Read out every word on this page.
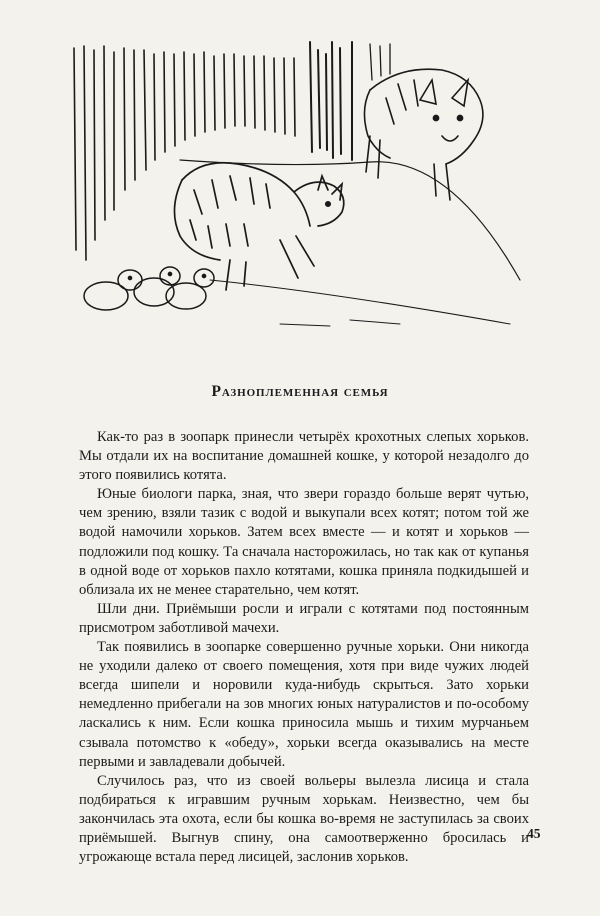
Разноплеменная семья

Как-то раз в зоопарк принесли четырёх крохотных слепых хорьков. Мы отдали их на воспитание домашней кошке, у которой незадолго до этого появились котята.

Юные биологи парка, зная, что звери гораздо больше верят чутью, чем зрению, взяли тазик с водой и выкупали всех котят; потом той же водой намочили хорьков. Затем всех вместе — и котят и хорьков — подложили под кошку. Та сначала насторожилась, но так как от купанья в одной воде от хорьков пахло котятами, кошка приняла подкидышей и облизала их не менее старательно, чем котят.

Шли дни. Приёмыши росли и играли с котятами под постоянным присмотром заботливой мачехи.

Так появились в зоопарке совершенно ручные хорьки. Они никогда не уходили далеко от своего помещения, хотя при виде чужих людей всегда шипели и норовили куда-нибудь скрыться. Зато хорьки немедленно прибегали на зов многих юных натуралистов и по-особому ласкались к ним. Если кошка приносила мышь и тихим мурчаньем сзывала потомство к «обеду», хорьки всегда оказывались на месте первыми и завладевали добычей.

Случилось раз, что из своей вольеры вылезла лисица и стала подбираться к игравшим ручным хорькам. Неизвестно, чем бы закончилась эта охота, если бы кошка во-время не заступилась за своих приёмышей. Выгнув спину, она самоотверженно бросилась и угрожающе встала перед лисицей, заслонив хорьков.

45
